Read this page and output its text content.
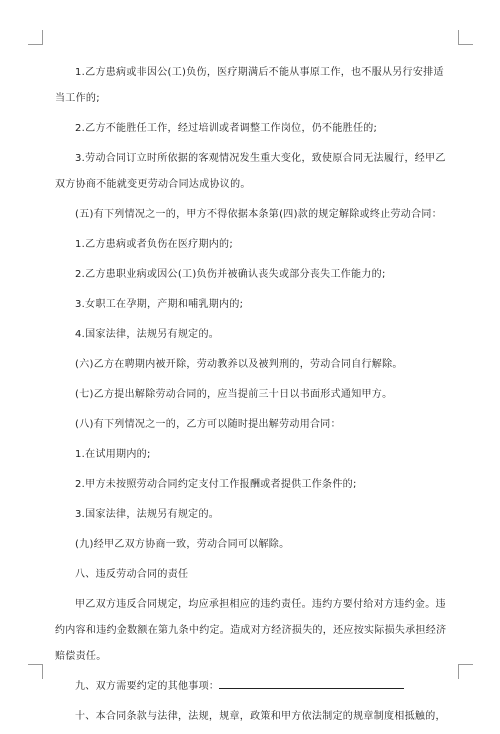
1.乙方患病或非因公(工)负伤，医疗期满后不能从事原工作，也不服从另行安排适当工作的;

2.乙方不能胜任工作，经过培训或者调整工作岗位，仍不能胜任的;

3.劳动合同订立时所依据的客观情况发生重大变化，致使原合同无法履行，经甲乙双方协商不能就变更劳动合同达成协议的。

(五)有下列情况之一的，甲方不得依据本条第(四)款的规定解除或终止劳动合同：

1.乙方患病或者负伤在医疗期内的;

2.乙方患职业病或因公(工)负伤并被确认丧失或部分丧失工作能力的;

3.女职工在孕期，产期和哺乳期内的;

4.国家法律，法规另有规定的。

(六)乙方在聘期内被开除，劳动教养以及被判刑的，劳动合同自行解除。

(七)乙方提出解除劳动合同的，应当提前三十日以书面形式通知甲方。

(八)有下列情况之一的，乙方可以随时提出解劳动用合同：

1.在试用期内的;

2.甲方未按照劳动合同约定支付工作报酬或者提供工作条件的;

3.国家法律，法规另有规定的。

(九)经甲乙双方协商一致，劳动合同可以解除。

八、违反劳动合同的责任

甲乙双方违反合同规定，均应承担相应的违约责任。违约方要付给对方违约金。违约内容和违约金数额在第九条中约定。造成对方经济损失的，还应按实际损失承担经济赔偿责任。

九、双方需要约定的其他事项：

十、本合同条款与法律，法规，规章，政策和甲方依法制定的规章制度相抵触的，
